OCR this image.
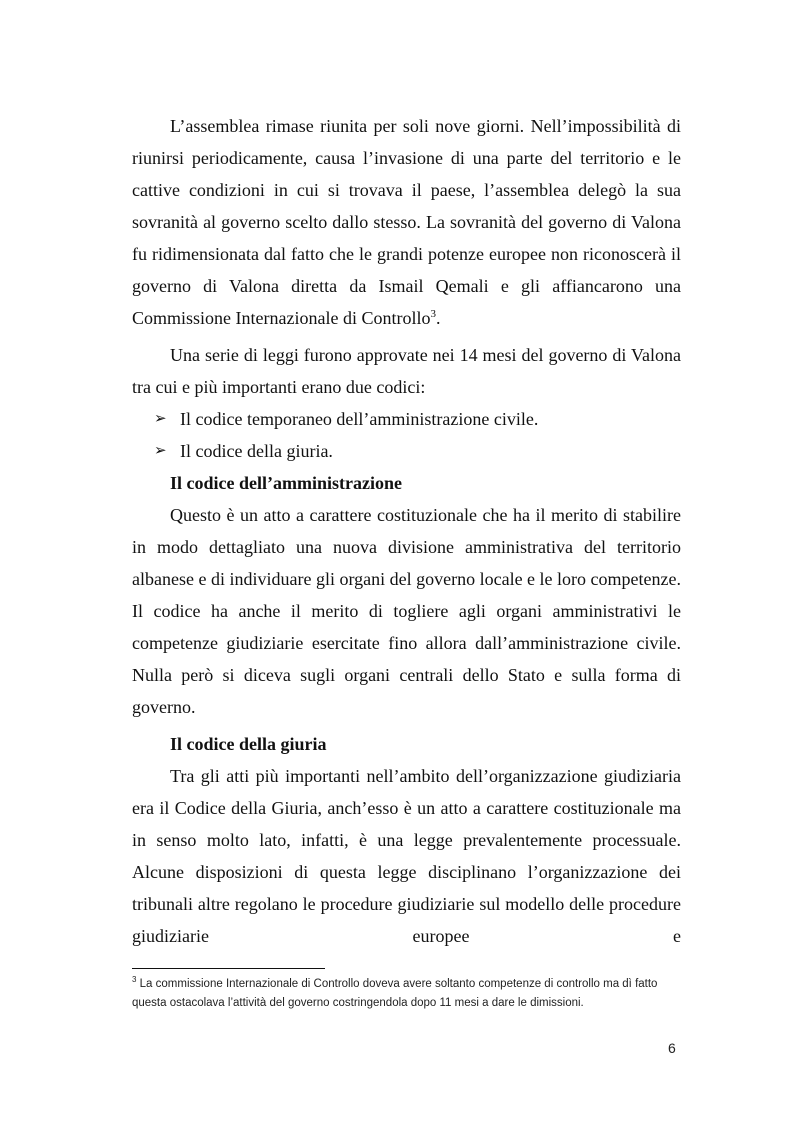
L’assemblea rimase riunita per soli nove giorni. Nell’impossibilità di riunirsi periodicamente, causa l’invasione di una parte del territorio e le cattive condizioni in cui si trovava il paese, l’assemblea delegò la sua sovranità al governo scelto dallo stesso. La sovranità del governo di Valona fu ridimensionata dal fatto che le grandi potenze europee non riconoscerà il governo di Valona diretta da Ismail Qemali e gli affiancarono una Commissione Internazionale di Controllo$^3$.

Una serie di leggi furono approvate nei 14 mesi del governo di Valona tra cui e più importanti erano due codici:

➢ Il codice temporaneo dell’amministrazione civile.
➢ Il codice della giuria.
Il codice dell’amministrazione

Questo è un atto a carattere costituzionale che ha il merito di stabilire in modo dettagliato una nuova divisione amministrativa del territorio albanese e di individuare gli organi del governo locale e le loro competenze. Il codice ha anche il merito di togliere agli organi amministrativi le competenze giudiziarie esercitate fino allora dall’amministrazione civile. Nulla però si diceva sugli organi centrali dello Stato e sulla forma di governo.

Il codice della giuria

Tra gli atti più importanti nell’ambito dell’organizzazione giudiziaria era il Codice della Giuria, anch’esso è un atto a carattere costituzionale ma in senso molto lato, infatti, è una legge prevalentemente processuale. Alcune disposizioni di questa legge disciplinano l’organizzazione dei tribunali altre regolano le procedure giudiziarie sul modello delle procedure giudiziarie europee e

$^3$ La commissione Internazionale di Controllo doveva avere soltanto competenze di controllo ma dì fatto questa ostacolava l’attività del governo costringendola dopo 11 mesi a dare le dimissioni.
6
